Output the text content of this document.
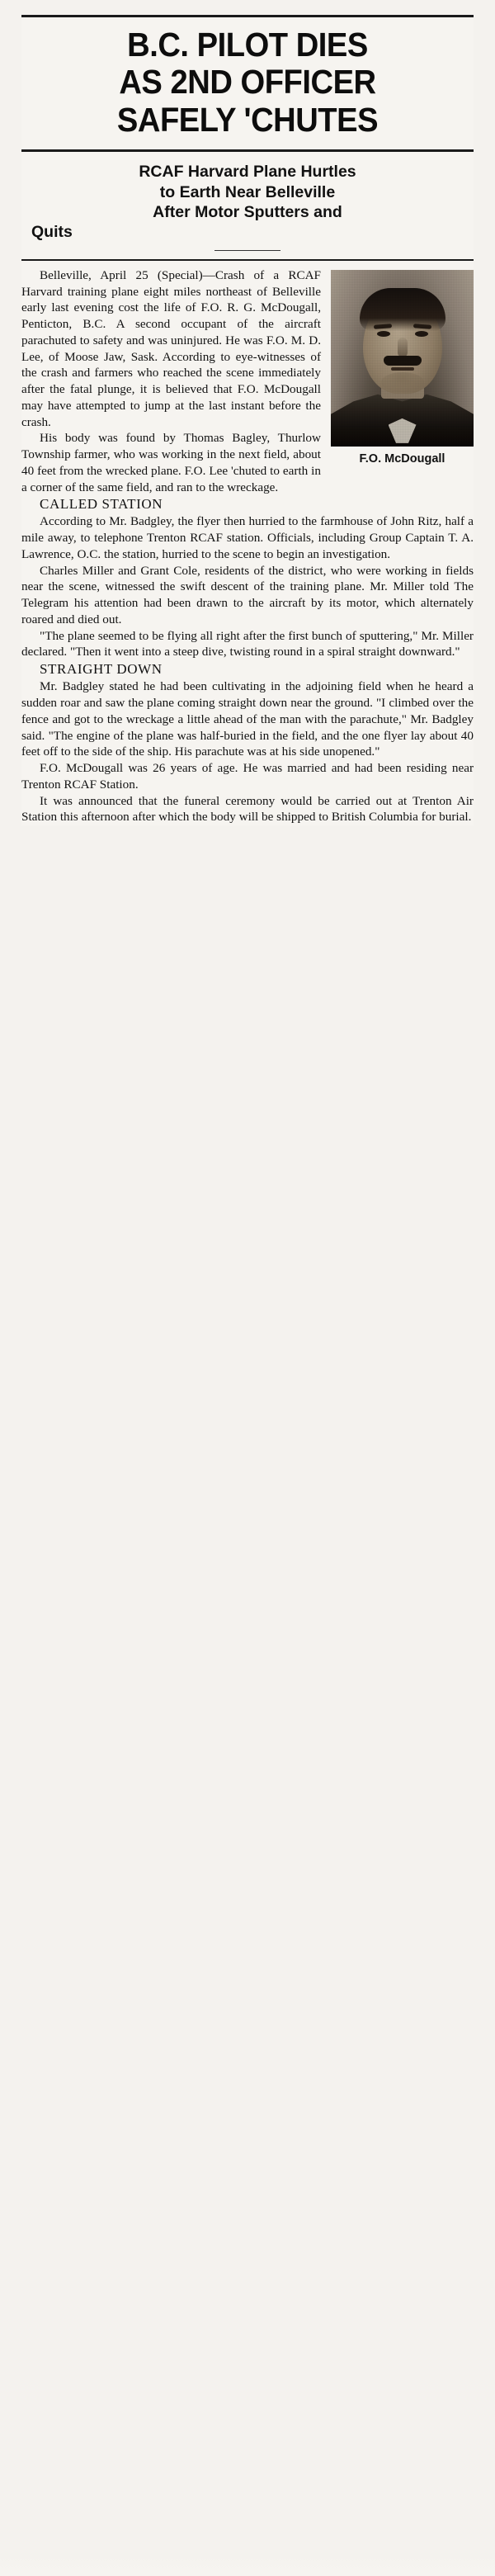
B.C. PILOT DIES
AS 2ND OFFICER
SAFELY 'CHUTES
RCAF Harvard Plane Hurtles
to Earth Near Belleville
After Motor Sputters and
Quits
F.O. McDougall

Belleville, April 25 (Special)—Crash of a RCAF Harvard training plane eight miles northeast of Belleville early last evening cost the life of F.O. R. G. McDougall, Penticton, B.C. A second occupant of the aircraft parachuted to safety and was uninjured. He was F.O. M. D. Lee, of Moose Jaw, Sask. According to eye-witnesses of the crash and farmers who reached the scene immediately after the fatal plunge, it is believed that F.O. McDougall may have attempted to jump at the last instant before the crash.

His body was found by Thomas Bagley, Thurlow Township farmer, who was working in the next field, about 40 feet from the wrecked plane. F.O. Lee 'chuted to earth in a corner of the same field, and ran to the wreckage.

CALLED STATION

According to Mr. Badgley, the flyer then hurried to the farmhouse of John Ritz, half a mile away, to telephone Trenton RCAF station. Officials, including Group Captain T. A. Lawrence, O.C. the station, hurried to the scene to begin an investigation.

Charles Miller and Grant Cole, residents of the district, who were working in fields near the scene, witnessed the swift descent of the training plane. Mr. Miller told The Telegram his attention had been drawn to the aircraft by its motor, which alternately roared and died out.

"The plane seemed to be flying all right after the first bunch of sputtering," Mr. Miller declared. "Then it went into a steep dive, twisting round in a spiral straight downward."

STRAIGHT DOWN

Mr. Badgley stated he had been cultivating in the adjoining field when he heard a sudden roar and saw the plane coming straight down near the ground. "I climbed over the fence and got to the wreckage a little ahead of the man with the parachute," Mr. Badgley said. "The engine of the plane was half-buried in the field, and the one flyer lay about 40 feet off to the side of the ship. His parachute was at his side unopened."

F.O. McDougall was 26 years of age. He was married and had been residing near Trenton RCAF Station.

It was announced that the funeral ceremony would be carried out at Trenton Air Station this afternoon after which the body will be shipped to British Columbia for burial.
